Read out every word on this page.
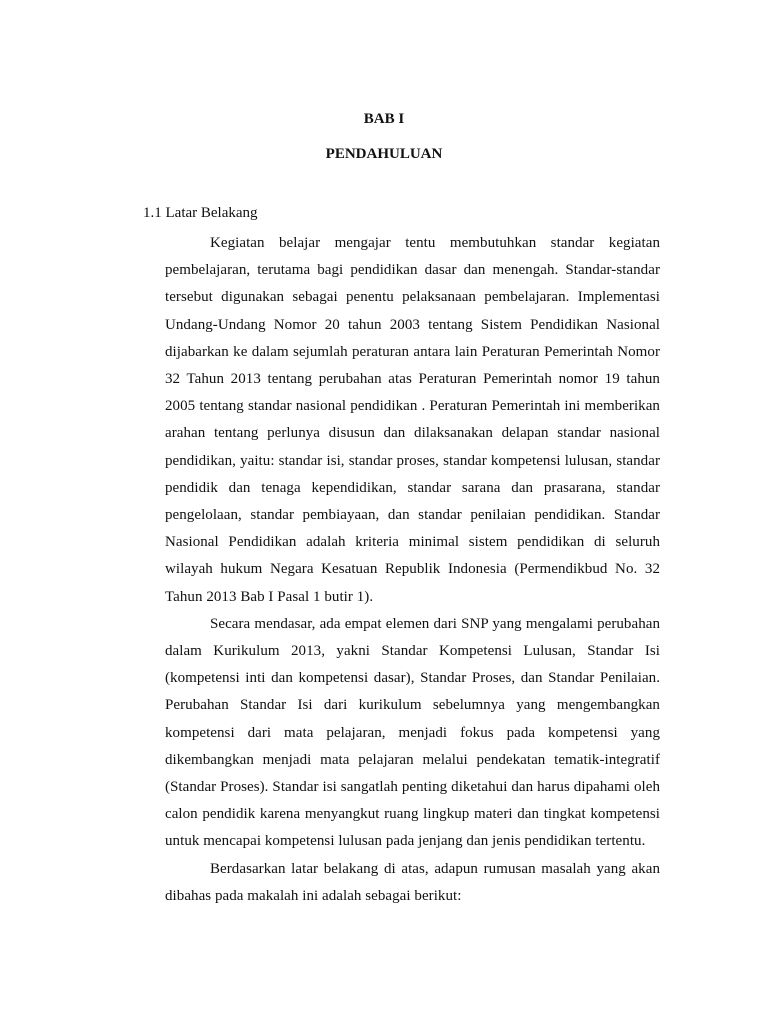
BAB I
PENDAHULUAN
1.1 Latar Belakang

Kegiatan belajar mengajar tentu membutuhkan standar kegiatan pembelajaran, terutama bagi pendidikan dasar dan menengah. Standar-standar tersebut digunakan sebagai penentu pelaksanaan pembelajaran. Implementasi Undang-Undang Nomor 20 tahun 2003 tentang Sistem Pendidikan Nasional dijabarkan ke dalam sejumlah peraturan antara lain Peraturan Pemerintah Nomor 32 Tahun 2013 tentang perubahan atas Peraturan Pemerintah nomor 19 tahun 2005 tentang standar nasional pendidikan . Peraturan Pemerintah ini memberikan arahan tentang perlunya disusun dan dilaksanakan delapan standar nasional pendidikan, yaitu: standar isi, standar proses, standar kompetensi lulusan, standar pendidik dan tenaga kependidikan, standar sarana dan prasarana, standar pengelolaan, standar pembiayaan, dan standar penilaian pendidikan. Standar Nasional Pendidikan adalah kriteria minimal sistem pendidikan di seluruh wilayah hukum Negara Kesatuan Republik Indonesia (Permendikbud No. 32 Tahun 2013 Bab I Pasal 1 butir 1).

Secara mendasar, ada empat elemen dari SNP yang mengalami perubahan dalam Kurikulum 2013, yakni Standar Kompetensi Lulusan, Standar Isi (kompetensi inti dan kompetensi dasar), Standar Proses, dan Standar Penilaian. Perubahan Standar Isi dari kurikulum sebelumnya yang mengembangkan kompetensi dari mata pelajaran, menjadi fokus pada kompetensi yang dikembangkan menjadi mata pelajaran melalui pendekatan tematik-integratif (Standar Proses). Standar isi sangatlah penting diketahui dan harus dipahami oleh calon pendidik karena menyangkut ruang lingkup materi dan tingkat kompetensi untuk mencapai kompetensi lulusan pada jenjang dan jenis pendidikan tertentu.

Berdasarkan latar belakang di atas, adapun rumusan masalah yang akan dibahas pada makalah ini adalah sebagai berikut:
